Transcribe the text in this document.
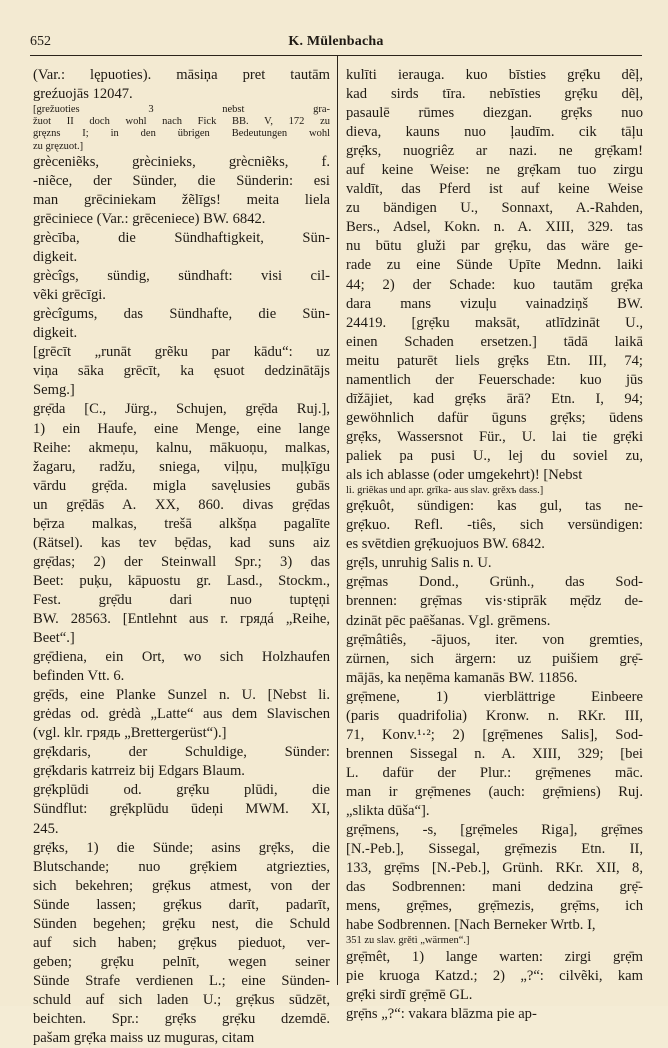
652	K. Mülenbacha
(Var.: lępuoties). māsiņa pret tautām
greźuojās 12047.
[grežuoties 3 nebst gra-
žuot II doch wohl nach Fick BB. V, 172 zu
gręzns I; in den übrigen Bedeutungen wohl
zu gręzuot.]
grèceniẽks, grècinieks, grècniẽks, f.
-niẽce, der Sünder, die Sünderin: esi
man grēciniekam žẽlīgs! meita liela
grēciniece (Var.: grēceniece) BW. 6842.
grècība, die Sündhaftigkeit, Sün-
digkeit.
grècîgs, sündig, sündhaft: visi cil-
vẽki grēcīgi.
grècîgums, das Sündhafte, die Sün-
digkeit.
[grēcīt „runāt grẽku par kādu“: uz
viņa sāka grēcīt, ka ęsuot dedzinātājs
Semg.]
grẹ̄da [C., Jürg., Schujen, grẹ̄da Ruj.],
1) ein Haufe, eine Menge, eine lange
Reihe: akmeņu, kalnu, mākuoņu, malkas,
žagaru, radžu, sniega, viļņu, muļķīgu
vārdu grẹ̄da. migla savęlusies gubās
un grẹ̄dās A. XX, 860. divas grẹ̄das
bẹ̄rza malkas, trešā alkšņa pagalīte
(Rätsel). kas tev bẹ̄das, kad suns aiz
grẹ̄das; 2) der Steinwall Spr.; 3) das
Beet: puķu, kāpuostu gr. Lasd., Stockm.,
Fest. grẹ̄du dari nuo tuptęņi
BW. 28563. [Entlehnt aus r. грядá „Reihe,
Beet“.]
grẹ̄diena, ein Ort, wo sich Holzhaufen
befinden Vtt. 6.
grẹ̄ds, eine Planke Sunzel n. U. [Nebst li.
grėdas od. grėdà „Latte“ aus dem Slavischen
(vgl. klr. грядь „Brettergerüst“).]
grẹ̄kdaris, der Schuldige, Sünder:
grẹ̄kdaris katrreiz bij Edgars Blaum.
grẹ̄kplūdi od. grẹ̄ku plūdi, die
Sündflut: grẹ̄kplūdu ūdeņi MWM. XI,
245.
grẹ̄ks, 1) die Sünde; asins grẹ̄ks, die
Blutschande; nuo grẹ̄kiem atgriezties,
sich bekehren; grẹ̄kus atmest, von der
Sünde lassen; grẹ̄kus darīt, padarīt,
Sünden begehen; grẹ̄ku nest, die Schuld
auf sich haben; grẹ̄kus pieduot, ver-
geben; grẹ̄ku pelnīt, wegen seiner
Sünde Strafe verdienen L.; eine Sünden-
schuld auf sich laden U.; grẹ̄kus sūdzēt,
beichten. Spr.: grẹ̄ks grẹ̄ku dzemdē.
pašam grẹ̄ka maiss uz muguras, citam
kulīti ierauga. kuo bīsties grẹ̄ku dẽļ,
kad sirds tīra. nebīsties grẹ̄ku dẽļ,
pasaulē rūmes diezgan. grẹ̄ks nuo
dieva, kauns nuo ļaudīm. cik tāļu
grẹ̄ks, nuogriêz ar nazi. ne grẹ̄kam!
auf keine Weise: ne grẹ̄kam tuo zirgu
valdīt, das Pferd ist auf keine Weise
zu bändigen U., Sonnaxt, A.-Rahden,
Bers., Adsel, Kokn. n. A. XIII, 329. tas
nu būtu gluži par grẹ̄ku, das wäre ge-
rade zu eine Sünde Upīte Mednn. laiki
44; 2) der Schade: kuo tautām grẹ̄ka
dara mans vizuļu vainadziņš BW.
24419. [grẹ̄ku maksāt, atlīdzināt U.,
einen Schaden ersetzen.] tādā laikā
meitu paturēt liels grẹ̄ks Etn. III, 74;
namentlich der Feuerschade: kuo jūs
dīžājiet, kad grẹ̄ks ārā? Etn. I, 94;
gewöhnlich dafür ūguns grẹ̄ks; ūdens
grẹ̄ks, Wassersnot Für., U. lai tie grẹ̄ki
paliek pa pusi U., lej du soviel zu,
als ich ablasse (oder umgekehrt)! [Nebst
li. griẽkas und apr. grīka- aus slav. grěxъ dass.]
grẹ̄kuôt, sündigen: kas gul, tas ne-
grẹ̄kuo. Refl. -tiês, sich versündigen:
es svētdien grẹ̄kuojuos BW. 6842.
grẹ̄ls, unruhig Salis n. U.
grẹ̄mas Dond., Grünh., das Sod-
brennen: grẹ̄mas vis·stiprāk mẹ̄dz de-
dzināt pēc paēšanas. Vgl. grēmens.
grẹ̄mâtiês, -ājuos, iter. von gremties,
zürnen, sich ärgern: uz puišiem grẹ̄-
mājās, ka neņēma kamanās BW. 11856.
grẹ̄mene, 1) vierblättrige Einbeere
(paris quadrifolia) Kronw. n. RKr. III,
71, Konv.¹·²; 2) [grẹ̄menes Salis], Sod-
brennen Sissegal n. A. XIII, 329; [bei
L. dafür der Plur.: grẹ̄menes māc.
man ir grẹ̄menes (auch: grẹ̄miens) Ruj.
„slikta dūša“].
grẹ̄mens, -s, [grẹ̄meles Riga], grẹ̄mes
[N.-Peb.], Sissegal, grẹ̄mezis Etn. II,
133, grẹ̄ms [N.-Peb.], Grünh. RKr. XII, 8,
das Sodbrennen: mani dedzina grẹ̄-
mens, grẹ̄mes, grẹ̄mezis, grẹ̄ms, ich
habe Sodbrennen. [Nach Berneker Wrtb. I,
351 zu slav. grětì „wärmen“.]
grẹ̄mêt, 1) lange warten: zirgi grẹ̄m
pie kruoga Katzd.; 2) „?“: cilvẽki, kam
grẹ̄ki sirdī grẹ̄mē GL.
grẹ̄ns „?“: vakara blāzma pie ap-
